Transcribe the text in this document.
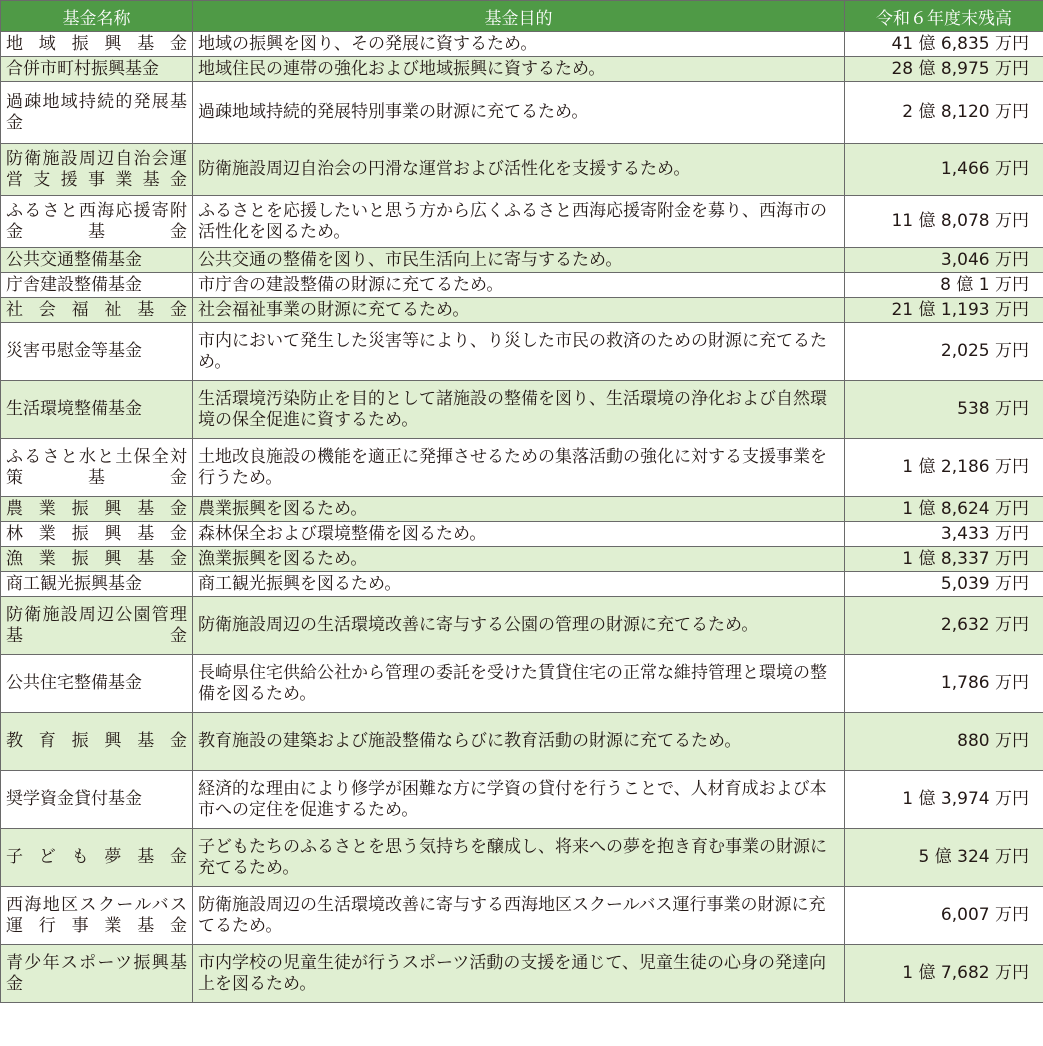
基金名称	基金目的	令和６年度末残高
地域振興基金	地域の振興を図り、その発展に資するため。	41 億 6,835 万円
合併市町村振興基金	地域住民の連帯の強化および地域振興に資するため。	28 億 8,975 万円
過疎地域持続的発展基金	過疎地域持続的発展特別事業の財源に充てるため。	2 億 8,120 万円
防衛施設周辺自治会運営支援事業基金	防衛施設周辺自治会の円滑な運営および活性化を支援するため。	1,466 万円
ふるさと西海応援寄附金基金	ふるさとを応援したいと思う方から広くふるさと西海応援寄附金を募り、西海市の活性化を図るため。	11 億 8,078 万円
公共交通整備基金	公共交通の整備を図り、市民生活向上に寄与するため。	3,046 万円
庁舎建設整備基金	市庁舎の建設整備の財源に充てるため。	8 億 1 万円
社会福祉基金	社会福祉事業の財源に充てるため。	21 億 1,193 万円
災害弔慰金等基金	市内において発生した災害等により、り災した市民の救済のための財源に充てるため。	2,025 万円
生活環境整備基金	生活環境汚染防止を目的として諸施設の整備を図り、生活環境の浄化および自然環境の保全促進に資するため。	538 万円
ふるさと水と土保全対策基金	土地改良施設の機能を適正に発揮させるための集落活動の強化に対する支援事業を行うため。	1 億 2,186 万円
農業振興基金	農業振興を図るため。	1 億 8,624 万円
林業振興基金	森林保全および環境整備を図るため。	3,433 万円
漁業振興基金	漁業振興を図るため。	1 億 8,337 万円
商工観光振興基金	商工観光振興を図るため。	5,039 万円
防衛施設周辺公園管理基金	防衛施設周辺の生活環境改善に寄与する公園の管理の財源に充てるため。	2,632 万円
公共住宅整備基金	長崎県住宅供給公社から管理の委託を受けた賃貸住宅の正常な維持管理と環境の整備を図るため。	1,786 万円
教育振興基金	教育施設の建築および施設整備ならびに教育活動の財源に充てるため。	880 万円
奨学資金貸付基金	経済的な理由により修学が困難な方に学資の貸付を行うことで、人材育成および本市への定住を促進するため。	1 億 3,974 万円
子ども夢基金	子どもたちのふるさとを思う気持ちを醸成し、将来への夢を抱き育む事業の財源に充てるため。	5 億 324 万円
西海地区スクールバス運行事業基金	防衛施設周辺の生活環境改善に寄与する西海地区スクールバス運行事業の財源に充てるため。	6,007 万円
青少年スポーツ振興基金	市内学校の児童生徒が行うスポーツ活動の支援を通じて、児童生徒の心身の発達向上を図るため。	1 億 7,682 万円
